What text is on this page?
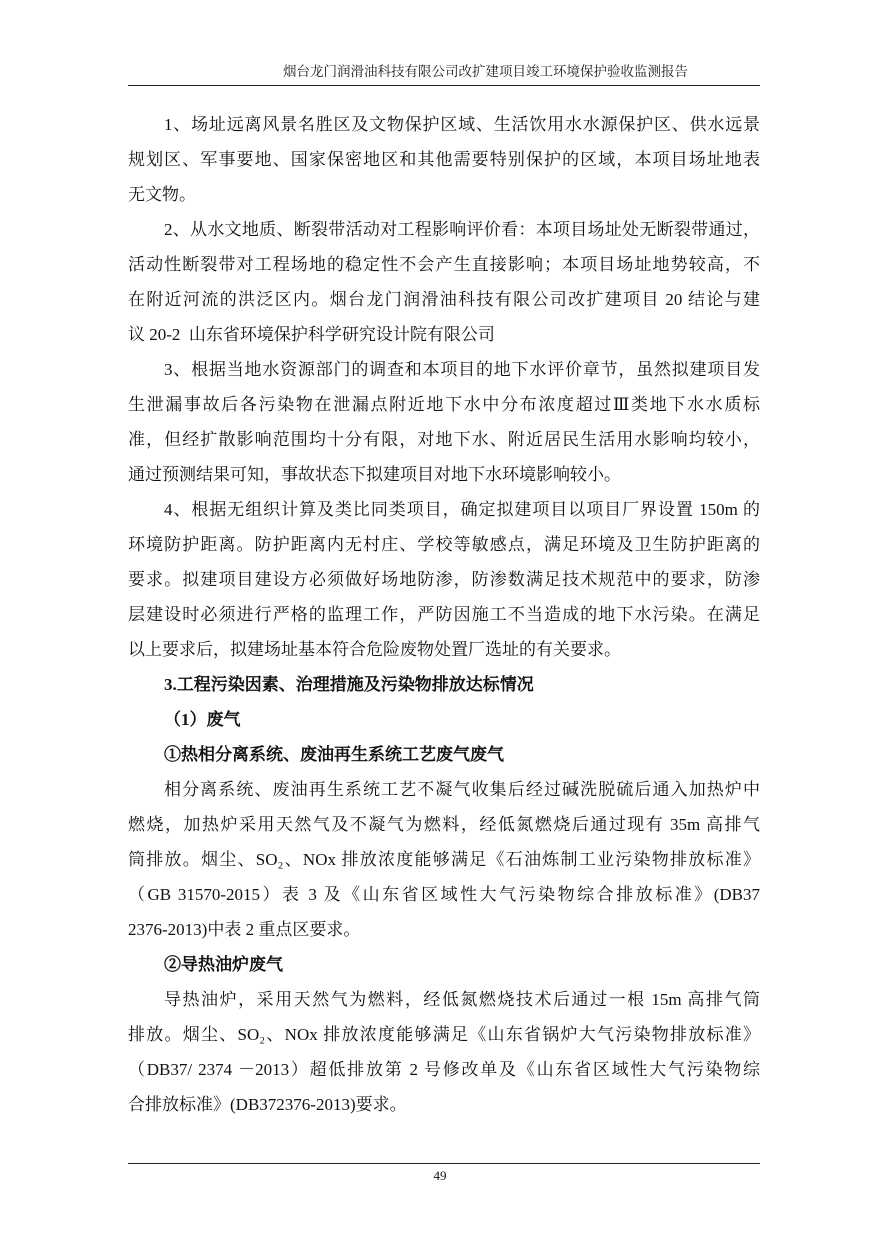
烟台龙门润滑油科技有限公司改扩建项目竣工环境保护验收监测报告
1、场址远离风景名胜区及文物保护区域、生活饮用水水源保护区、供水远景
规划区、军事要地、国家保密地区和其他需要特别保护的区域，本项目场址地表
无文物。
2、从水文地质、断裂带活动对工程影响评价看：本项目场址处无断裂带通过，
活动性断裂带对工程场地的稳定性不会产生直接影响；本项目场址地势较高，不
在附近河流的洪泛区内。烟台龙门润滑油科技有限公司改扩建项目 20 结论与建
议 20-2  山东省环境保护科学研究设计院有限公司
3、根据当地水资源部门的调查和本项目的地下水评价章节，虽然拟建项目发
生泄漏事故后各污染物在泄漏点附近地下水中分布浓度超过Ⅲ类地下水水质标
准，但经扩散影响范围均十分有限，对地下水、附近居民生活用水影响均较小，
通过预测结果可知，事故状态下拟建项目对地下水环境影响较小。
4、根据无组织计算及类比同类项目，确定拟建项目以项目厂界设置 150m 的
环境防护距离。防护距离内无村庄、学校等敏感点，满足环境及卫生防护距离的
要求。拟建项目建设方必须做好场地防渗，防渗数满足技术规范中的要求，防渗
层建设时必须进行严格的监理工作，严防因施工不当造成的地下水污染。在满足
以上要求后，拟建场址基本符合危险废物处置厂选址的有关要求。
3.工程污染因素、治理措施及污染物排放达标情况
（1）废气
①热相分离系统、废油再生系统工艺废气废气
相分离系统、废油再生系统工艺不凝气收集后经过碱洗脱硫后通入加热炉中
燃烧，加热炉采用天然气及不凝气为燃料，经低氮燃烧后通过现有 35m 高排气
筒排放。烟尘、SO₂、NOx 排放浓度能够满足《石油炼制工业污染物排放标准》
（GB 31570-2015）表 3 及《山东省区域性大气污染物综合排放标准》(DB37
2376-2013)中表 2 重点区要求。
②导热油炉废气
导热油炉，采用天然气为燃料，经低氮燃烧技术后通过一根 15m 高排气筒
排放。烟尘、SO₂、NOx 排放浓度能够满足《山东省锅炉大气污染物排放标准》
（DB37/ 2374 －2013）超低排放第 2 号修改单及《山东省区域性大气污染物综
合排放标准》(DB372376-2013)要求。
49
